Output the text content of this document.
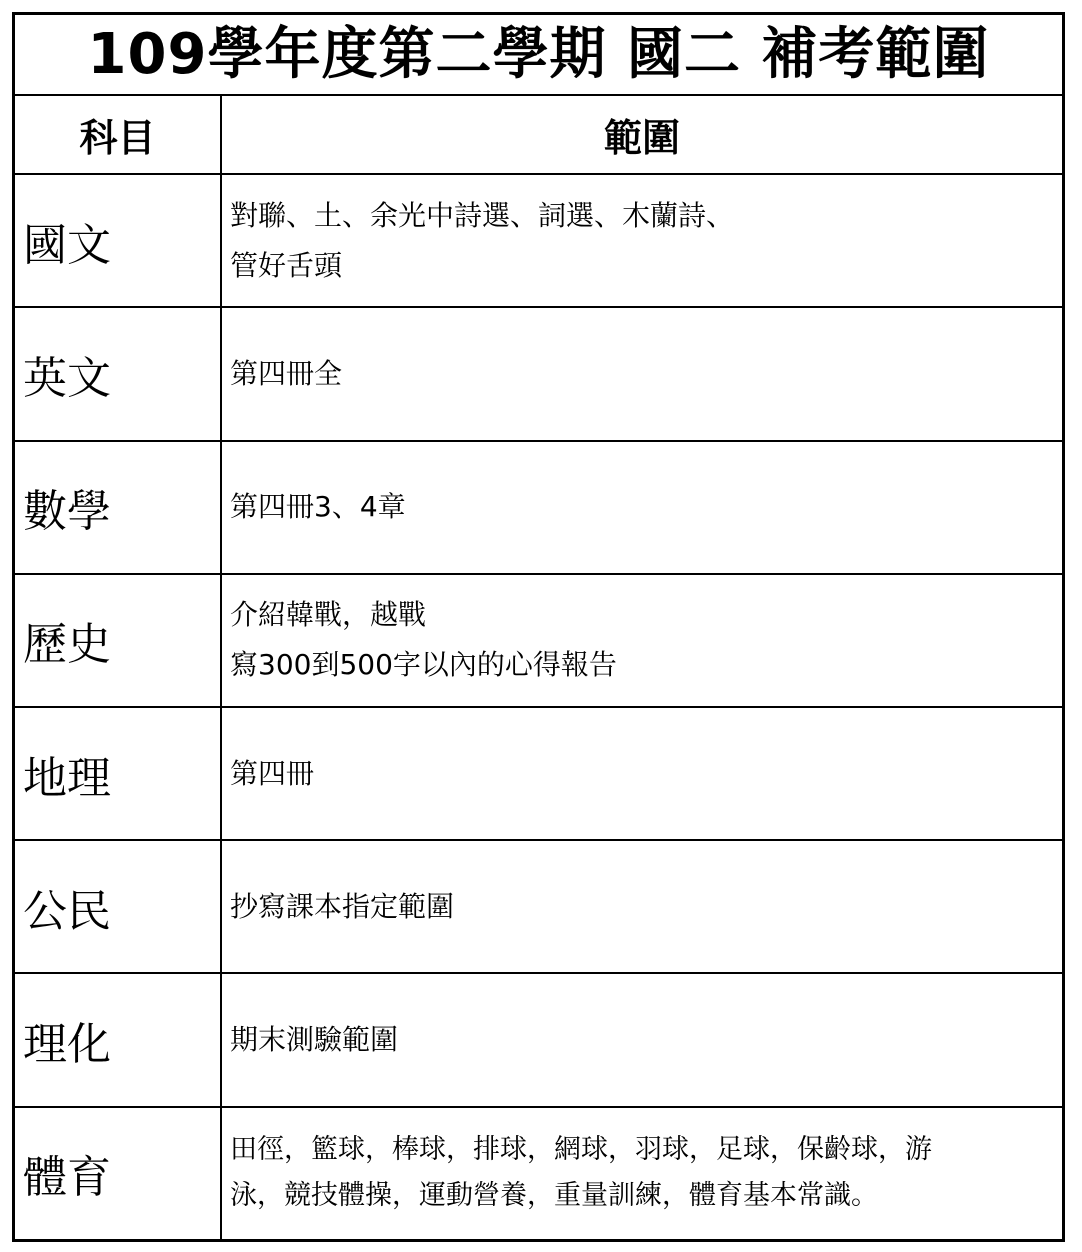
109學年度第二學期 國二 補考範圍	
科目	範圍
國文	對聯、土、余光中詩選、詞選、木蘭詩、
管好舌頭

英文	第四冊全

數學	第四冊3、4章

歷史	介紹韓戰，越戰
寫300到500字以內的心得報告

地理	第四冊

公民	抄寫課本指定範圍

理化	期末測驗範圍

體育	田徑，籃球，棒球，排球，網球，羽球，足球，保齡球，游
泳，競技體操，運動營養，重量訓練，體育基本常識。
